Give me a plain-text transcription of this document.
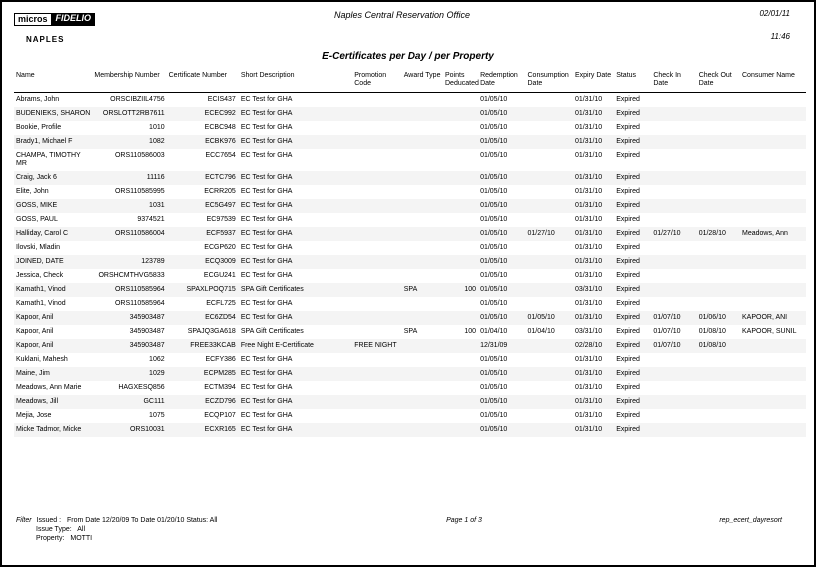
micros FIDELIO
NAPLES
Naples Central Reservation Office	02/01/11
11:46
E-Certificates per Day / per Property
Name	Membership Number	Certificate Number	Short Description	Promotion Code	Award Type	Points Deducated	Redemption Date	Consumption Date	Expiry Date	Status	Check In Date	Check Out Date	Consumer Name
Abrams, John	ORSCIBZIIL4756	ECIS437	EC Test for GHA				01/05/10		01/31/10	Expired			
BUDENIEKS, SHARON	ORSLOTT2RB7611	ECEC992	EC Test for GHA				01/05/10		01/31/10	Expired			
Bookie, Profile	1010	ECBC948	EC Test for GHA				01/05/10		01/31/10	Expired			
Brady1, Michael F	1082	ECBK976	EC Test for GHA				01/05/10		01/31/10	Expired			
CHAMPA, TIMOTHY MR	ORS110586003	ECC7654	EC Test for GHA				01/05/10		01/31/10	Expired			
Craig, Jack 6	11116	ECTC796	EC Test for GHA				01/05/10		01/31/10	Expired			
Elite, John	ORS110585995	ECRR205	EC Test for GHA				01/05/10		01/31/10	Expired			
GOSS, MIKE	1031	EC5G497	EC Test for GHA				01/05/10		01/31/10	Expired			
GOSS, PAUL	9374521	EC97539	EC Test for GHA				01/05/10		01/31/10	Expired			
Halliday, Carol C	ORS110586004	ECF5937	EC Test for GHA				01/05/10	01/27/10	01/31/10	Expired	01/27/10	01/28/10	Meadows, Ann
Ilovski, Mladin		ECGP620	EC Test for GHA				01/05/10		01/31/10	Expired			
JOINED, DATE	123789	ECQ3009	EC Test for GHA				01/05/10		01/31/10	Expired			
Jessica, Check	ORSHCMTHVG5833	ECGU241	EC Test for GHA				01/05/10		01/31/10	Expired			
Kamath1, Vinod	ORS110585964	SPAXLPOQ715	SPA Gift Certificates		SPA	100	01/05/10		03/31/10	Expired			
Kamath1, Vinod	ORS110585964	ECFL725	EC Test for GHA				01/05/10		01/31/10	Expired			
Kapoor, Anil	345903487	EC6ZD54	EC Test for GHA				01/05/10	01/05/10	01/31/10	Expired	01/07/10	01/06/10	KAPOOR, ANI
Kapoor, Anil	345903487	SPAJQ3GA618	SPA Gift Certificates		SPA	100	01/04/10	01/04/10	03/31/10	Expired	01/07/10	01/08/10	KAPOOR, SUNIL
Kapoor, Anil	345903487	FREE33KCAB	Free Night E-Certificate	FREE NIGHT			12/31/09		02/28/10	Expired	01/07/10	01/08/10	
Kuklani, Mahesh	1062	ECFY386	EC Test for GHA				01/05/10		01/31/10	Expired			
Maine, Jim	1029	ECPM285	EC Test for GHA				01/05/10		01/31/10	Expired			
Meadows, Ann Marie	HAGXESQ856	ECTM394	EC Test for GHA				01/05/10		01/31/10	Expired			
Meadows, Jill	GC111	ECZD796	EC Test for GHA				01/05/10		01/31/10	Expired			
Mejia, Jose	1075	ECQP107	EC Test for GHA				01/05/10		01/31/10	Expired			
Micke Tadmor, Micke	ORS10031	ECXR165	EC Test for GHA				01/05/10		01/31/10	Expired			
Filter Issued : From Date 12/20/09 To Date 01/20/10 Status: All
Issue Type: All
Property: MOTTI
Page 1 of 3	rep_ecert_dayresort
